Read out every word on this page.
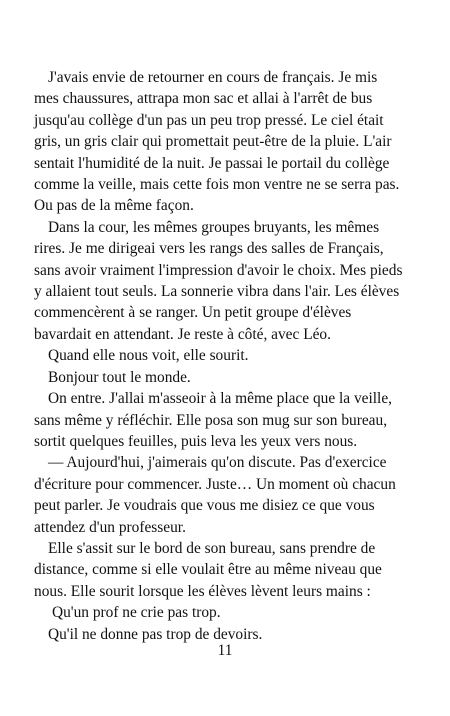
J'avais envie de retourner en cours de français. Je mis
mes chaussures, attrapa mon sac et allai à l'arrêt de bus
jusqu'au collège d'un pas un peu trop pressé. Le ciel était
gris, un gris clair qui promettait peut-être de la pluie. L'air
sentait l'humidité de la nuit. Je passai le portail du collège
comme la veille, mais cette fois mon ventre ne se serra pas.
Ou pas de la même façon.

Dans la cour, les mêmes groupes bruyants, les mêmes
rires. Je me dirigeai vers les rangs des salles de Français,
sans avoir vraiment l'impression d'avoir le choix. Mes pieds
y allaient tout seuls. La sonnerie vibra dans l'air. Les élèves
commencèrent à se ranger. Un petit groupe d'élèves
bavardait en attendant. Je reste à côté, avec Léo.

Quand elle nous voit, elle sourit.

Bonjour tout le monde.

On entre. J'allai m'asseoir à la même place que la veille,
sans même y réfléchir. Elle posa son mug sur son bureau,
sortit quelques feuilles, puis leva les yeux vers nous.

— Aujourd'hui, j'aimerais qu'on discute. Pas d'exercice
d'écriture pour commencer. Juste… Un moment où chacun
peut parler. Je voudrais que vous me disiez ce que vous
attendez d'un professeur.

Elle s'assit sur le bord de son bureau, sans prendre de
distance, comme si elle voulait être au même niveau que
nous. Elle sourit lorsque les élèves lèvent leurs mains :

Qu'un prof ne crie pas trop.

Qu'il ne donne pas trop de devoirs.

11
